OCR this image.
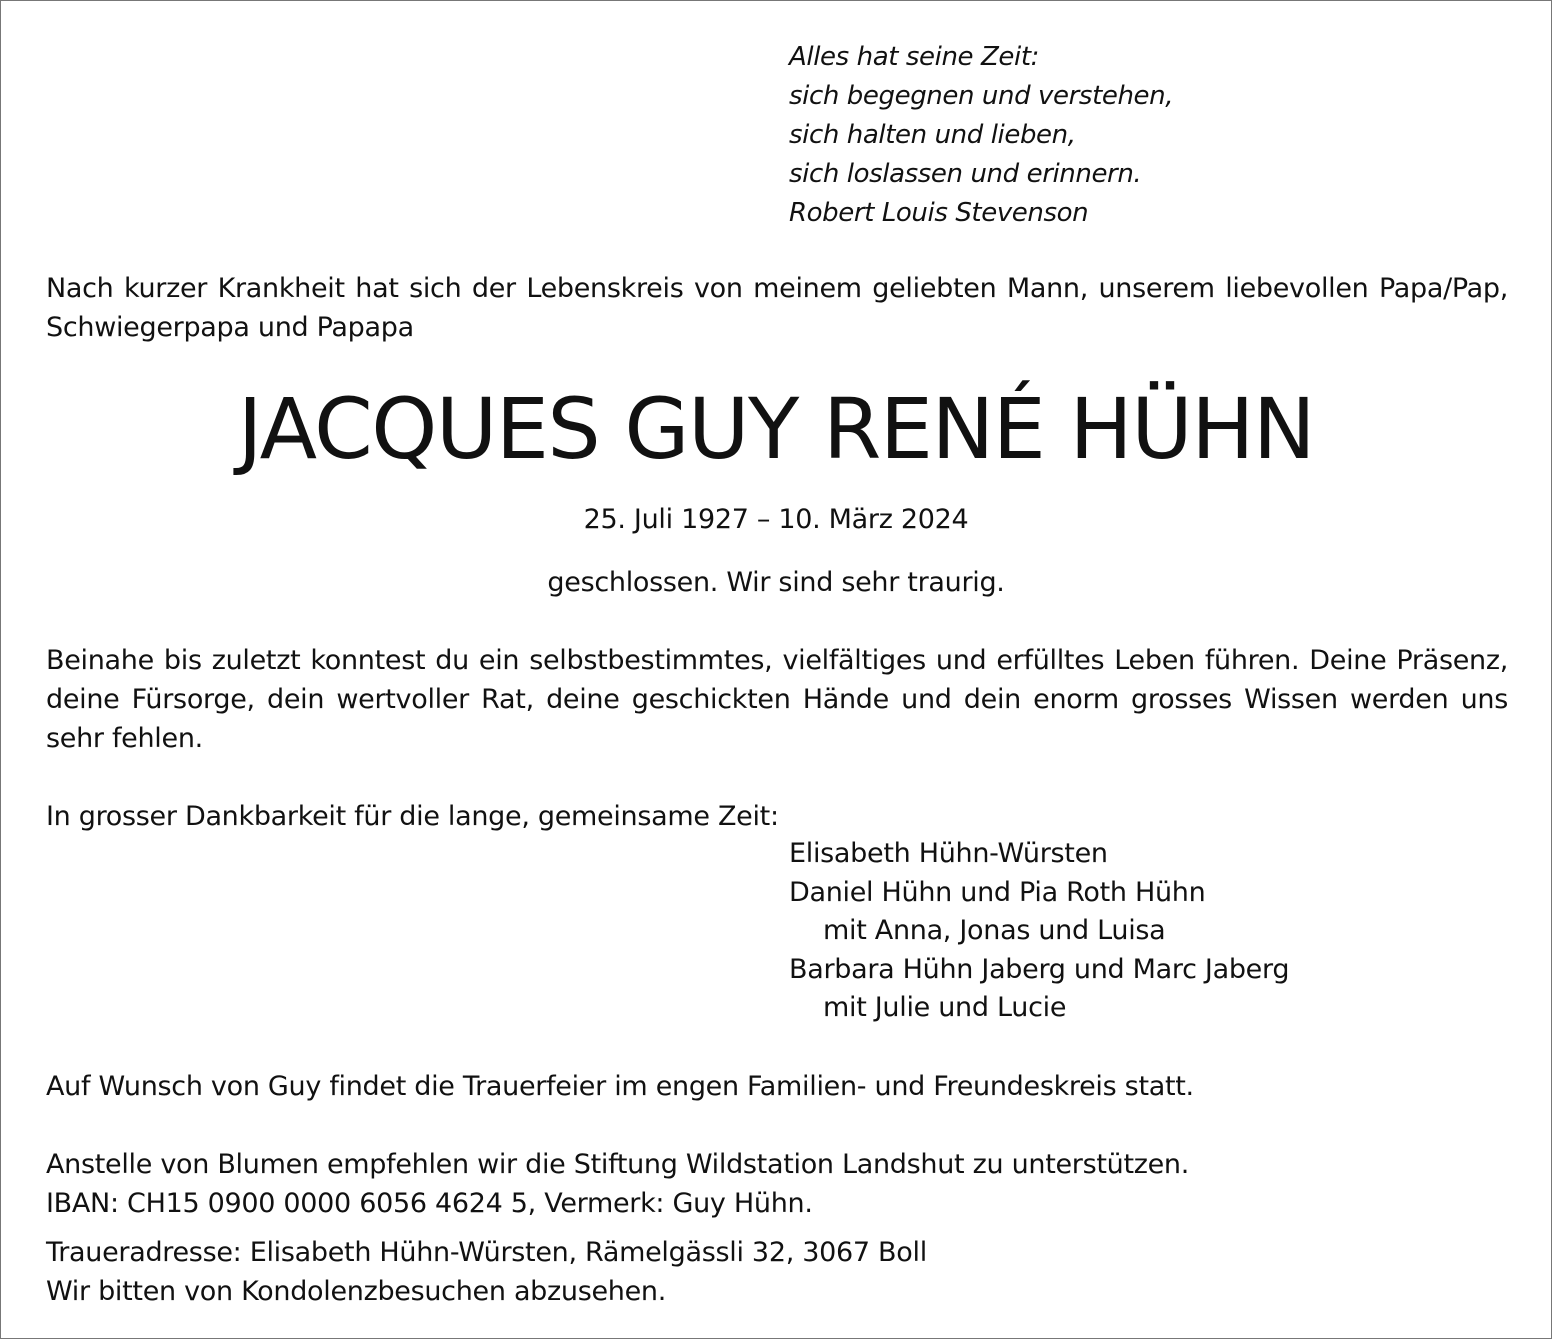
Alles hat seine Zeit:
sich begegnen und verstehen,
sich halten und lieben,
sich loslassen und erinnern.
Robert Louis Stevenson
Nach kurzer Krankheit hat sich der Lebenskreis von meinem geliebten Mann, unserem liebevollen Papa/Pap, Schwiegerpapa und Papapa
JACQUES GUY RENÉ HÜHN
25. Juli 1927 – 10. März 2024
geschlossen. Wir sind sehr traurig.
Beinahe bis zuletzt konntest du ein selbstbestimmtes, vielfältiges und erfülltes Leben führen. Deine Präsenz, deine Fürsorge, dein wertvoller Rat, deine geschickten Hände und dein enorm grosses Wissen werden uns sehr fehlen.
In grosser Dankbarkeit für die lange, gemeinsame Zeit:
Elisabeth Hühn-Würsten
Daniel Hühn und Pia Roth Hühn
mit Anna, Jonas und Luisa
Barbara Hühn Jaberg und Marc Jaberg
mit Julie und Lucie
Auf Wunsch von Guy findet die Trauerfeier im engen Familien- und Freundeskreis statt.
Anstelle von Blumen empfehlen wir die Stiftung Wildstation Landshut zu unterstützen.
IBAN: CH15 0900 0000 6056 4624 5, Vermerk: Guy Hühn.
Traueradresse: Elisabeth Hühn-Würsten, Rämelgässli 32, 3067 Boll
Wir bitten von Kondolenzbesuchen abzusehen.
